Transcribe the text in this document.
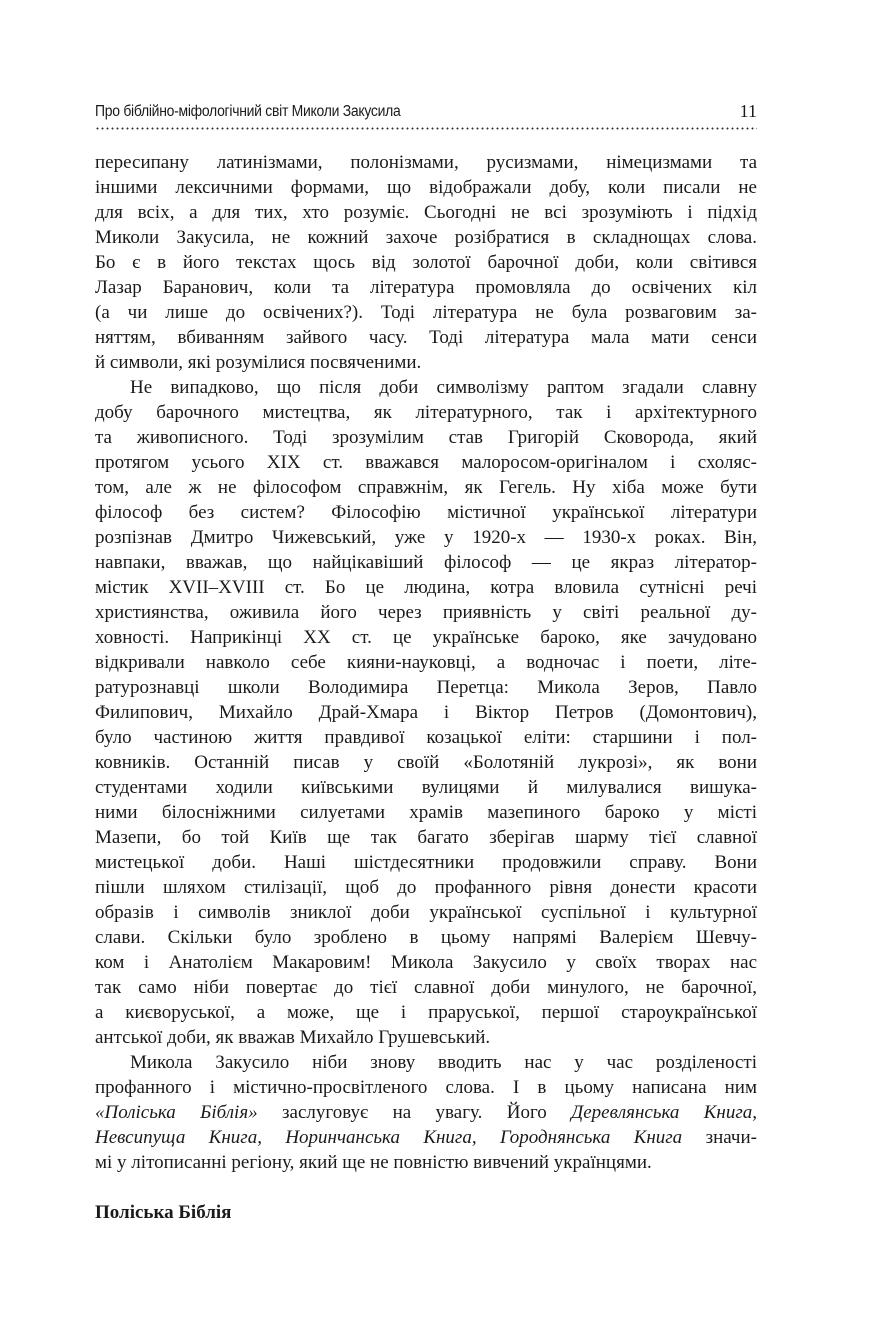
Про біблійно-міфологічний світ Миколи Закусила	11
пересипану латинізмами, полонізмами, русизмами, німецизмами та
іншими лексичними формами, що відображали добу, коли писали не
для всіх, а для тих, хто розуміє. Сьогодні не всі зрозуміють і підхід
Миколи Закусила, не кожний захоче розібратися в складнощах слова.
Бо є в його текстах щось від золотої барочної доби, коли світився
Лазар Баранович, коли та література промовляла до освічених кіл
(а чи лише до освічених?). Тоді література не була розваговим за-
няттям, вбиванням зайвого часу. Тоді література мала мати сенси
й символи, які розумілися посвяченими.
Не випадково, що після доби символізму раптом згадали славну
добу барочного мистецтва, як літературного, так і архітектурного
та живописного. Тоді зрозумілим став Григорій Сковорода, який
протягом усього XIX ст. вважався малоросом-оригіналом і схоляс-
том, але ж не філософом справжнім, як Гегель. Ну хіба може бути
філософ без систем? Філософію містичної української літератури
розпізнав Дмитро Чижевський, уже у 1920-х — 1930-х роках. Він,
навпаки, вважав, що найцікавіший філософ — це якраз літератор-
містик XVII–XVIII ст. Бо це людина, котра вловила сутнісні речі
християнства, оживила його через приявність у світі реальної ду-
ховності. Наприкінці XX ст. це українське бароко, яке зачудовано
відкривали навколо себе кияни-науковці, а водночас і поети, літе-
ратурознавці школи Володимира Перетца: Микола Зеров, Павло
Филипович, Михайло Драй-Хмара і Віктор Петров (Домонтович),
було частиною життя правдивої козацької еліти: старшини і пол-
ковників. Останній писав у своїй «Болотяній лукрозі», як вони
студентами ходили київськими вулицями й милувалися вишука-
ними білосніжними силуетами храмів мазепиного бароко у місті
Мазепи, бо той Київ ще так багато зберігав шарму тієї славної
мистецької доби. Наші шістдесятники продовжили справу. Вони
пішли шляхом стилізації, щоб до профанного рівня донести красоти
образів і символів зниклої доби української суспільної і культурної
слави. Скільки було зроблено в цьому напрямі Валерієм Шевчу-
ком і Анатолієм Макаровим! Микола Закусило у своїх творах нас
так само ніби повертає до тієї славної доби минулого, не барочної,
а києворуської, а може, ще і праруської, першої староукраїнської
антської доби, як вважав Михайло Грушевський.
Микола Закусило ніби знову вводить нас у час розділеності
профанного і містично-просвітленого слова. І в цьому написана ним
«Поліська Біблія» заслуговує на увагу. Його Деревлянська Книга,
Невсипуща Книга, Норинчанська Книга, Городнянська Книга значи-
мі у літописанні регіону, який ще не повністю вивчений українцями.
Поліська Біблія
